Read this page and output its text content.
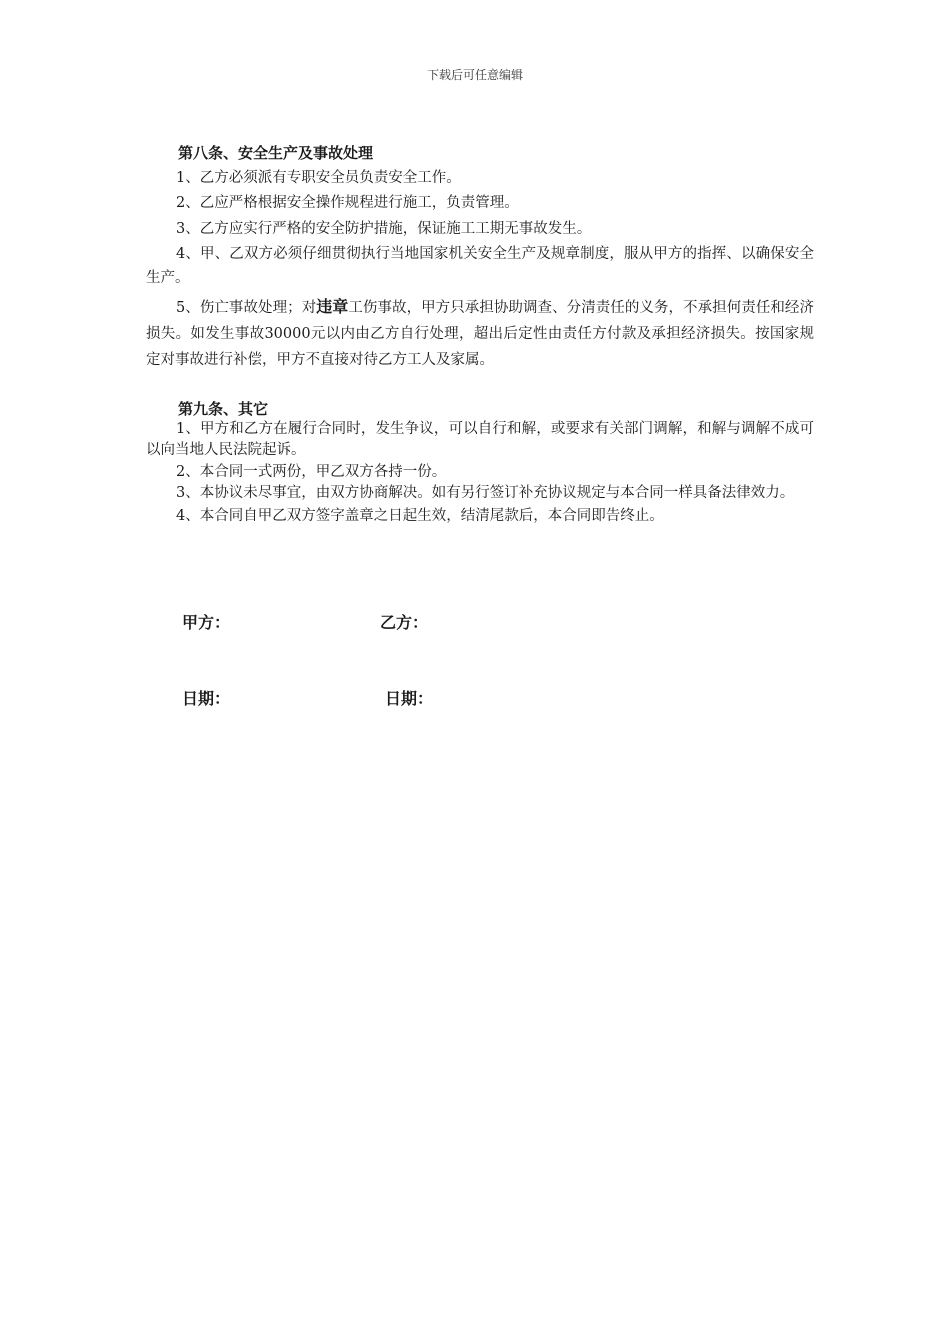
下载后可任意编辑

第八条、安全生产及事故处理

1、乙方必须派有专职安全员负责安全工作。

2、乙应严格根据安全操作规程进行施工，负责管理。

3、乙方应实行严格的安全防护措施，保证施工工期无事故发生。

4、甲、乙双方必须仔细贯彻执行当地国家机关安全生产及规章制度，服从甲方的指挥、以确保安全生产。

5、伤亡事故处理；对违章工伤事故，甲方只承担协助调查、分清责任的义务，不承担何责任和经济损失。如发生事故30000元以内由乙方自行处理，超出后定性由责任方付款及承担经济损失。按国家规定对事故进行补偿，甲方不直接对待乙方工人及家属。

第九条、其它

1、甲方和乙方在履行合同时，发生争议，可以自行和解，或要求有关部门调解，和解与调解不成可以向当地人民法院起诉。

2、本合同一式两份，甲乙双方各持一份。

3、本协议未尽事宜，由双方协商解决。如有另行签订补充协议规定与本合同一样具备法律效力。

4、本合同自甲乙双方签字盖章之日起生效，结清尾款后，本合同即告终止。

甲方：	乙方：
日期：	日期：
